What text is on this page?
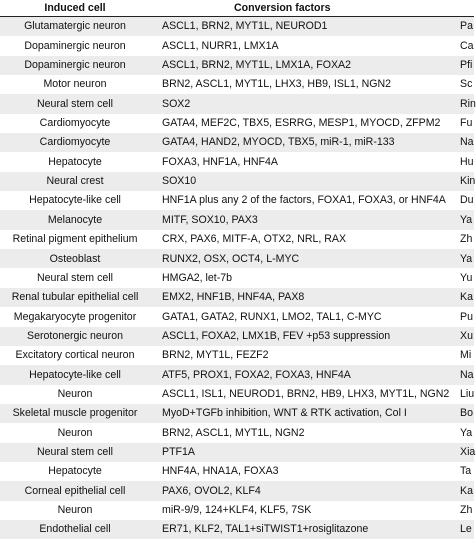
Induced cell	Conversion factors
Glutamatergic neuron	ASCL1, BRN2, MYT1L, NEUROD1	Pa
Dopaminergic neuron	ASCL1, NURR1, LMX1A	Ca
Dopaminergic neuron	ASCL1, BRN2, MYT1L, LMX1A, FOXA2	Pfi
Motor neuron	BRN2, ASCL1, MYT1L, LHX3, HB9, ISL1, NGN2	Sc
Neural stem cell	SOX2	Rin
Cardiomyocyte	GATA4, MEF2C, TBX5, ESRRG, MESP1, MYOCD, ZFPM2	Fu
Cardiomyocyte	GATA4, HAND2, MYOCD, TBX5, miR-1, miR-133	Na
Hepatocyte	FOXA3, HNF1A, HNF4A	Hu
Neural crest	SOX10	Kin
Hepatocyte-like cell	HNF1A plus any 2 of the factors, FOXA1, FOXA3, or HNF4A	Du
Melanocyte	MITF, SOX10, PAX3	Ya
Retinal pigment epithelium	CRX, PAX6, MITF-A, OTX2, NRL, RAX	Zh
Osteoblast	RUNX2, OSX, OCT4, L-MYC	Ya
Neural stem cell	HMGA2, let-7b	Yu
Renal tubular epithelial cell	EMX2, HNF1B, HNF4A, PAX8	Ka
Megakaryocyte progenitor	GATA1, GATA2, RUNX1, LMO2, TAL1, C-MYC	Pu
Serotonergic neuron	ASCL1, FOXA2, LMX1B, FEV +p53 suppression	Xu
Excitatory cortical neuron	BRN2, MYT1L, FEZF2	Mi
Hepatocyte-like cell	ATF5, PROX1, FOXA2, FOXA3, HNF4A	Na
Neuron	ASCL1, ISL1, NEUROD1, BRN2, HB9, LHX3, MYT1L, NGN2	Liu
Skeletal muscle progenitor	MyoD+TGFb inhibition, WNT & RTK activation, Col I	Bo
Neuron	BRN2, ASCL1, MYT1L, NGN2	Ya
Neural stem cell	PTF1A	Xia
Hepatocyte	HNF4A, HNA1A, FOXA3	Ta
Corneal epithelial cell	PAX6, OVOL2, KLF4	Ka
Neuron	miR-9/9, 124+KLF4, KLF5, 7SK	Zh
Endothelial cell	ER71, KLF2, TAL1+siTWIST1+rosiglitazone	Le
